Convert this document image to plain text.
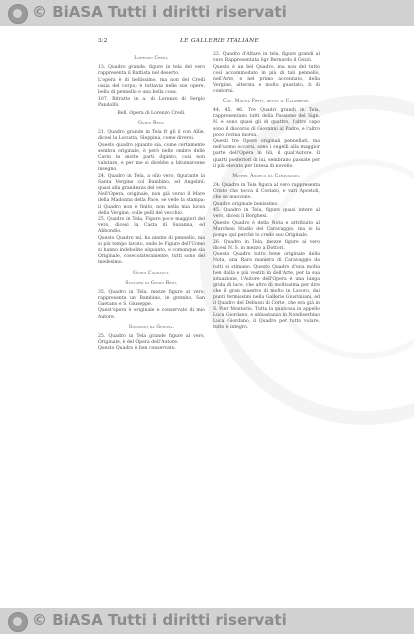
© BiASA Tutti i diritti riservati
3:2	LE GALLERIE ITALIANE
Lorenzo Credi.
13. Quadro grande, figure in tela del vero rappresenta il Battista nel deserto.
L'opera è di bellissimo, ma non del Credi ossia del corpo; è tuttavia nelle sue opere, bello di pennello e una bella cosa.
107. Ritratto in a. di Lorenzo di Sergio Pandolfo.
Bell. Opera di Lorenzo Credi.
Guido Reni.
21. Quadro grande in Tela fr gli il con Allie, dicesi la Locusta, Sleppina, come diversi.
Questo quadro (quanto sia, come certamente sembra originale, è però nelle ombre delle Carni in molte parti dipinto, così non valutare, e per me si direbbe a bitumarsene insegno.
24. Quadro in Tela, a olio vero, figurante la Santa Vergine col Bambino, ed Angelini; quasi alla grandezza del vero.
Nell'Opera, originale, non già verso il Mare della Madonna della Pace, se vede la stampa: il Quadro non è finito, non nella mia lucea della Vergine, colle pelli del vecchio.
25. Quadro in Tela, Figure poco maggiori del vero, dicesi la Casta di Susanna, ed Abbondio.
Questo Quadro mi, ha niente di pennello, ma si più tempo lavato, onde le Figure dell'Uomo si hanno indebolite alquanto, e comunque sia Originale, cosecolateramente, tutti sono del medesimo.
Guido Cagnacci.
Scolaro di Guido Reni.
35. Quadro in Tela, mezze figure al vero, rappresenta un Bambino, in grembo, San Gaetano e S. Giuseppe.
Quest'opera è originale e conservato di mio Autore.
Giovanni da Genova.
25. Quadro in Tela grande figure al vero, Originale, è del Opera dell'Autore.
Questo Quadro è ben conservato.
23. Quadro d'Altare in tela, figure grandi al vero Rappresentata Sgr Bernardo il Gozzi.
Questo è un bel Quadro, ma non del tutto così accommodato in più di tali pennello, nell'Arte, e nel primo accennato, della Vergine, alterata e molto guastato, ti di contorni.
Cav. Mattia Preti, detto il Calabrese.
44. 45. 46. Tre Quadri grandi in Tela, rappresentano tutti della Passione del Sign. N. e sono quasi gli di quattro, l'altro capo sono il discorso di Giovanni al Padre, e l'altro poco rovina morsa.
Questi tre Opere originali pennellati, ma nell'uomo occorsi, sono i sugelli alla maggior parte dell'Opera in Gli, il qual'Autore. Il quarti posteriori di lui, sembrano passate per il più elevato per Intesa di novello.
Michel Angelo da Caravaggio.
24. Quadro in Tela figura al vero rappresenta Cristo che tocca il Costato, e vari Apostoli, che se muovono.
Quadro originale benissimo.
45. Quadro in Tela, figure quasi intere al vero, dicesi il Borghesi.
Questo Quadro è della Nota e attribuito al Marchesi Studio del Caravaggio, ma io la pongo qui perchè lo credo suo Originale.
26. Quadro in Tela, mezze figure al vero dicesi N. S. in mezzo a Dottori.
Questo Quadro tutto bene originale della Nota, una Rara maniera di Caravaggio da tutti si stimano. Questo Quadro d'una molta ben dalla e più vestiti in dell'Arte, per la sua situazione, l'Autore dell'Opera è una lunga grida di luce, che altro di moltissima per dire che il gran maestro di molto in Lavoro, dai punti fermissimi nella Gallerie Giustiniani, ed il Quadro del Debussi di Corte, che era già in S. Pier Montorio, Tutta la qualcosa in appello Luca Giordano, e abbastanza in Nondiserbino Luca Giordano, il Quadro per tutto volare, tutto è integro.
© BiASA Tutti i diritti riservati
